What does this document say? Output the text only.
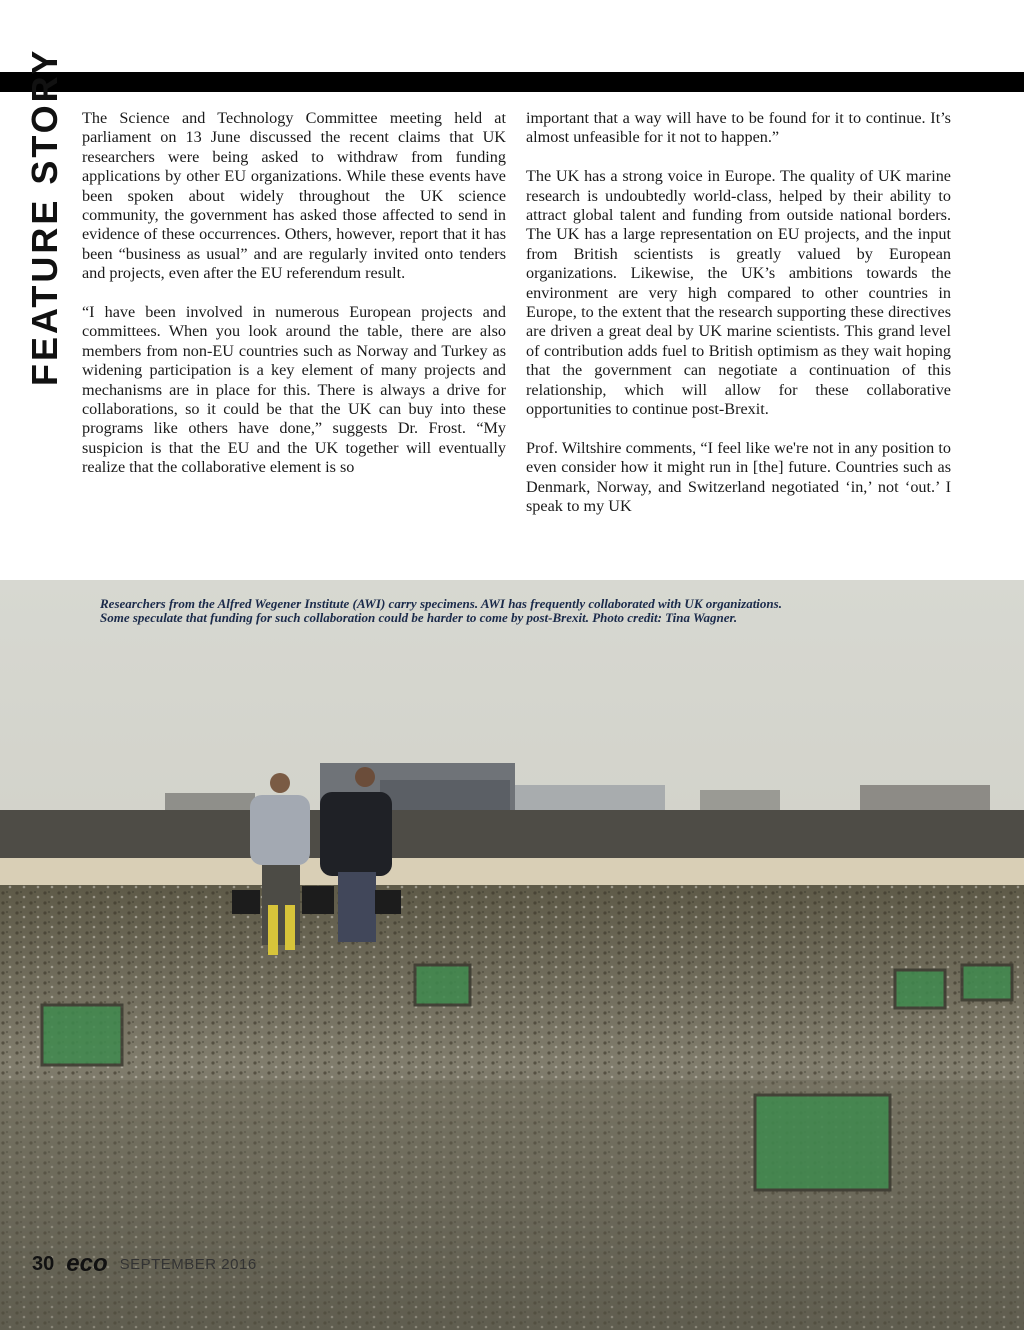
FEATURE STORY The Science and Technology Committee meeting held at parliament on 13 June discussed the recent claims that UK researchers were being asked to withdraw from funding applications by other EU organizations. While these events have been spoken about widely throughout the UK science community, the government has asked those affected to send in evidence of these occurrences. Others, however, report that it has been “business as usual” and are regularly invited onto tenders and projects, even after the EU referendum result.

“I have been involved in numerous European projects and committees. When you look around the table, there are also members from non-EU countries such as Norway and Turkey as widening participation is a key element of many projects and mechanisms are in place for this. There is always a drive for collaborations, so it could be that the UK can buy into these programs like others have done,” suggests Dr. Frost. “My suspicion is that the EU and the UK together will eventually realize that the collaborative element is so

important that a way will have to be found for it to continue. It’s almost unfeasible for it not to happen.”

The UK has a strong voice in Europe. The quality of UK marine research is undoubtedly world-class, helped by their ability to attract global talent and funding from outside national borders. The UK has a large representation on EU projects, and the input from British scientists is greatly valued by European organizations. Likewise, the UK’s ambitions towards the environment are very high compared to other countries in Europe, to the extent that the research supporting these directives are driven a great deal by UK marine scientists. This grand level of contribution adds fuel to British optimism as they wait hoping that the government can negotiate a continuation of this relationship, which will allow for these collaborative opportunities to continue post-Brexit.

Prof. Wiltshire comments, “I feel like we're not in any position to even consider how it might run in [the] future. Countries such as Denmark, Norway, and Switzerland negotiated ‘in,’ not ‘out.’ I speak to my UK

Researchers from the Alfred Wegener Institute (AWI) carry specimens. AWI has frequently collaborated with UK organizations.
Some speculate that funding for such collaboration could be harder to come by post-Brexit. Photo credit: Tina Wagner.
30 eco SEPTEMBER 2016
